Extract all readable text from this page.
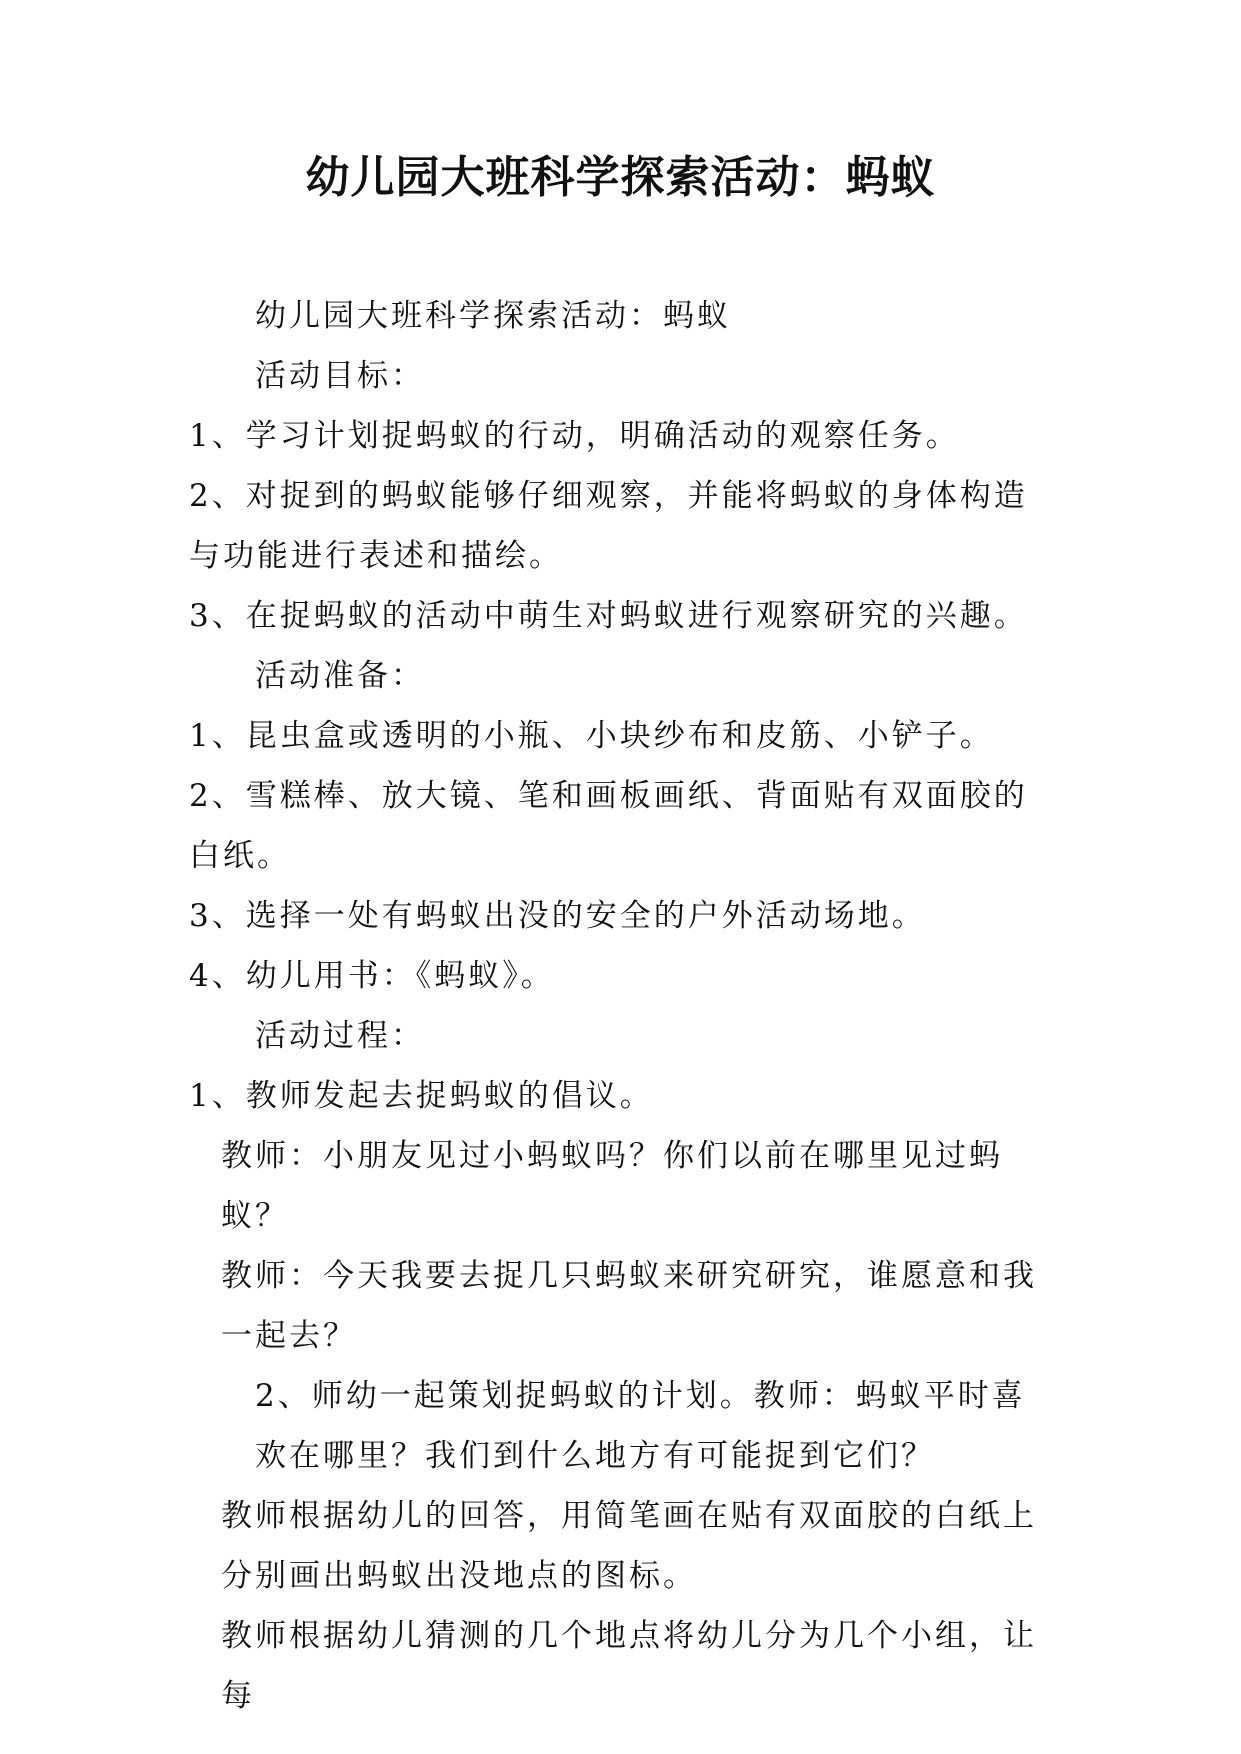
幼儿园大班科学探索活动：蚂蚁

幼儿园大班科学探索活动：蚂蚁

活动目标：

1、学习计划捉蚂蚁的行动，明确活动的观察任务。

2、对捉到的蚂蚁能够仔细观察，并能将蚂蚁的身体构造与功能进行表述和描绘。

3、在捉蚂蚁的活动中萌生对蚂蚁进行观察研究的兴趣。

活动准备：

1、昆虫盒或透明的小瓶、小块纱布和皮筋、小铲子。

2、雪糕棒、放大镜、笔和画板画纸、背面贴有双面胶的白纸。

3、选择一处有蚂蚁出没的安全的户外活动场地。

4、幼儿用书：《蚂蚁》。

活动过程：

1、教师发起去捉蚂蚁的倡议。

教师：小朋友见过小蚂蚁吗？你们以前在哪里见过蚂蚁？

教师：今天我要去捉几只蚂蚁来研究研究，谁愿意和我一起去？

2、师幼一起策划捉蚂蚁的计划。教师：蚂蚁平时喜欢在哪里？我们到什么地方有可能捉到它们？

教师根据幼儿的回答，用简笔画在贴有双面胶的白纸上分别画出蚂蚁出没地点的图标。

教师根据幼儿猜测的几个地点将幼儿分为几个小组，让每
